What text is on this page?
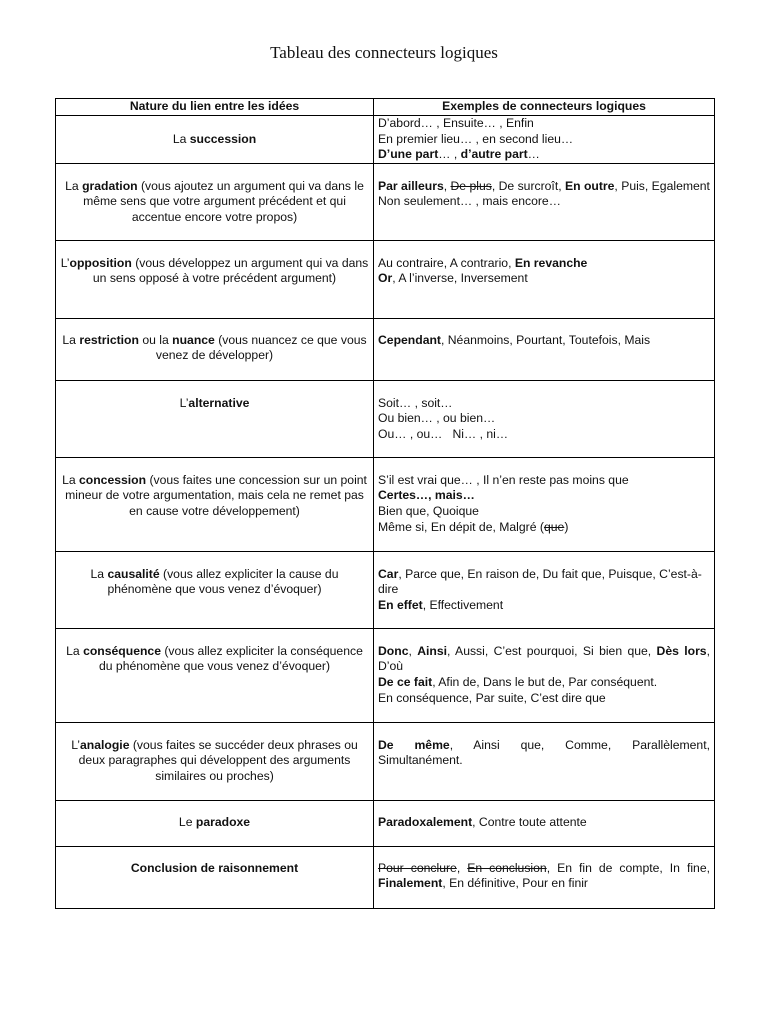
Tableau des connecteurs logiques
Nature du lien entre les idées	Exemples de connecteurs logiques
La succession	D’abord… , Ensuite… , Enfin
En premier lieu… , en second lieu…
D’une part… , d’autre part…

La gradation (vous ajoutez un argument qui va dans le même sens que votre argument précédent et qui accentue encore votre propos)	Par ailleurs, De plus, De surcroît, En outre, Puis, Egalement
Non seulement… , mais encore…

L’opposition (vous développez un argument qui va dans un sens opposé à votre précédent argument)	Au contraire, A contrario, En revanche
Or, A l’inverse, Inversement

La restriction ou la nuance (vous nuancez ce que vous venez de développer)	Cependant, Néanmoins, Pourtant, Toutefois, Mais

L’alternative	Soit… , soit…
Ou bien… , ou bien…
Ou… , ou…   Ni… , ni…

La concession (vous faites une concession sur un point mineur de votre argumentation, mais cela ne remet pas en cause votre développement)	S’il est vrai que… , Il n’en reste pas moins que
Certes…, mais…
Bien que, Quoique
Même si, En dépit de, Malgré (que)

La causalité (vous allez expliciter la cause du phénomène que vous venez d’évoquer)	Car, Parce que, En raison de, Du fait que, Puisque, C’est-à-dire
En effet, Effectivement

La conséquence (vous allez expliciter la conséquence du phénomène que vous venez d’évoquer)	Donc, Ainsi, Aussi, C’est pourquoi, Si bien que, Dès lors, D’où
De ce fait, Afin de, Dans le but de, Par conséquent.
En conséquence, Par suite, C’est dire que

L’analogie (vous faites se succéder deux phrases ou deux paragraphes qui développent des arguments similaires ou proches)	De même, Ainsi que, Comme, Parallèlement, Simultanément.
Le paradoxe	Paradoxalement, Contre toute attente

Conclusion de raisonnement	Pour conclure, En conclusion, En fin de compte, In fine, Finalement, En définitive, Pour en finir
